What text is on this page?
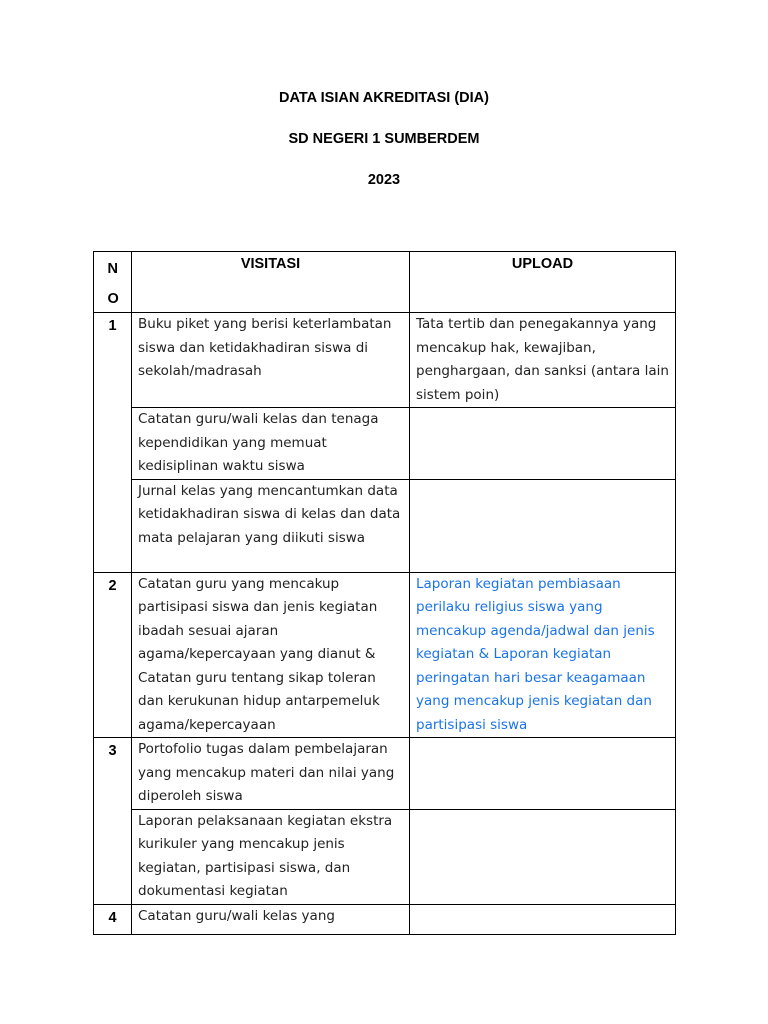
DATA ISIAN AKREDITASI (DIA)
SD NEGERI 1 SUMBERDEM
2023
NO	VISITASI	UPLOAD

1	Buku piket yang berisi keterlambatan siswa dan ketidakhadiran siswa di sekolah/madrasah	Tata tertib dan penegakannya yang mencakup hak, kewajiban, penghargaan, dan sanksi (antara lain sistem poin)

	Catatan guru/wali kelas dan tenaga kependidikan yang memuat kedisiplinan waktu siswa	

	Jurnal kelas yang mencantumkan data ketidakhadiran siswa di kelas dan data mata pelajaran yang diikuti siswa	

2	Catatan guru yang mencakup partisipasi siswa dan jenis kegiatan ibadah sesuai ajaran agama/kepercayaan yang dianut & Catatan guru tentang sikap toleran dan kerukunan hidup antarpemeluk agama/kepercayaan	Laporan kegiatan pembiasaan perilaku religius siswa yang mencakup agenda/jadwal dan jenis kegiatan & Laporan kegiatan peringatan hari besar keagamaan yang mencakup jenis kegiatan dan partisipasi siswa

3	Portofolio tugas dalam pembelajaran yang mencakup materi dan nilai yang diperoleh siswa	

	Laporan pelaksanaan kegiatan ekstra kurikuler yang mencakup jenis kegiatan, partisipasi siswa, dan dokumentasi kegiatan	

4	Catatan guru/wali kelas yang	
